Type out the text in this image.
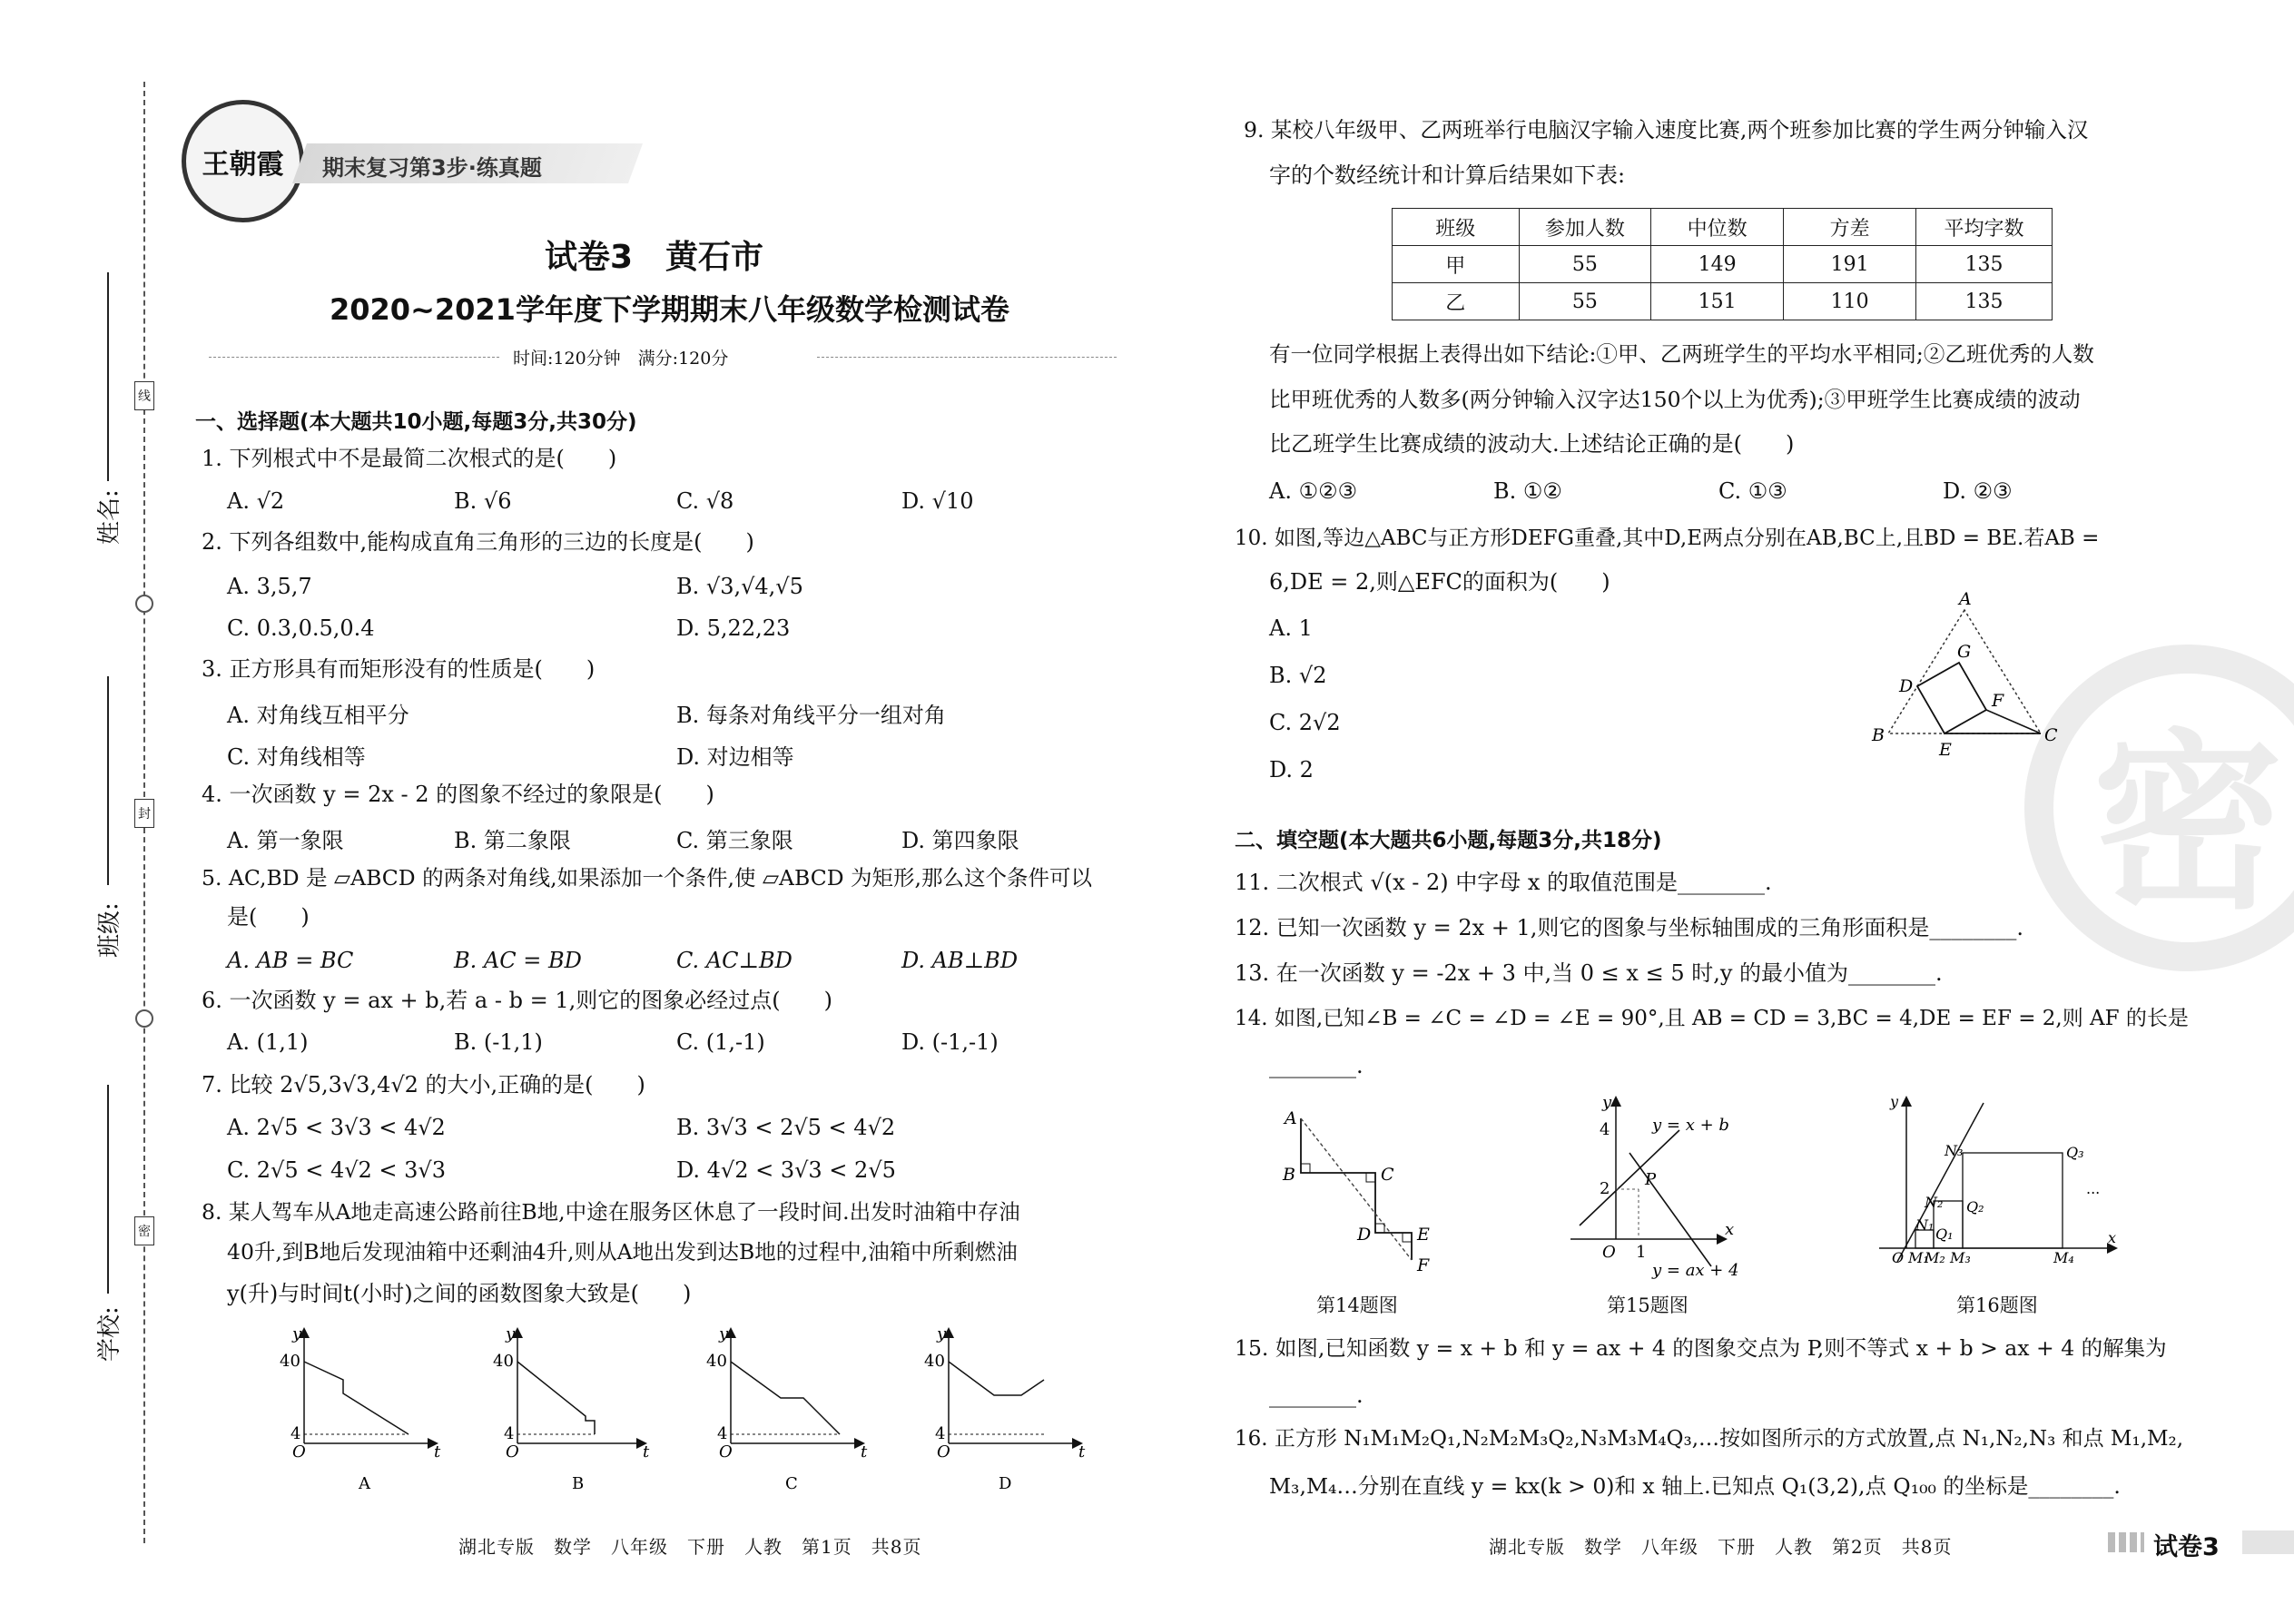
姓名:
班级:
学校:
线
封
密
王朝霞 期末复习第3步·练真题
试卷3　黄石市
2020~2021学年度下学期期末八年级数学检测试卷
时间:120分钟　满分:120分
一、选择题(本大题共10小题,每题3分,共30分)
1. 下列根式中不是最简二次根式的是(　　)
A. √2	B. √6	C. √8	D. √10
2. 下列各组数中,能构成直角三角形的三边的长度是(　　)
A. 3,5,7	B. √3,√4,√5
C. 0.3,0.5,0.4	D. 5,22,23
3. 正方形具有而矩形没有的性质是(　　)
A. 对角线互相平分	B. 每条对角线平分一组对角
C. 对角线相等	D. 对边相等
4. 一次函数 y = 2x - 2 的图象不经过的象限是(　　)
A. 第一象限	B. 第二象限	C. 第三象限	D. 第四象限
5. AC,BD 是 ▱ABCD 的两条对角线,如果添加一个条件,使 ▱ABCD 为矩形,那么这个条件可以
是(　　)
A. AB = BC	B. AC = BD	C. AC⊥BD	D. AB⊥BD
6. 一次函数 y = ax + b,若 a - b = 1,则它的图象必经过点(　　)
A. (1,1)	B. (-1,1)	C. (1,-1)	D. (-1,-1)
7. 比较 2√5,3√3,4√2 的大小,正确的是(　　)
A. 2√5 < 3√3 < 4√2	B. 3√3 < 2√5 < 4√2
C. 2√5 < 4√2 < 3√3	D. 4√2 < 3√3 < 2√5
8. 某人驾车从A地走高速公路前往B地,中途在服务区休息了一段时间.出发时油箱中存油
40升,到B地后发现油箱中还剩油4升,则从A地出发到达B地的过程中,油箱中所剩燃油
y(升)与时间t(小时)之间的函数图象大致是(　　)
y
t
40
4
O
A
y
t
40
4
O
B
y
t
40
4
O
C
y
t
40
4
O
D
湖北专版　数学　八年级　下册　人教　第1页　共8页
密
9. 某校八年级甲、乙两班举行电脑汉字输入速度比赛,两个班参加比赛的学生两分钟输入汉
字的个数经统计和计算后结果如下表:
班级	参加人数	中位数	方差	平均字数
甲	55	149	191	135
乙	55	151	110	135
有一位同学根据上表得出如下结论:①甲、乙两班学生的平均水平相同;②乙班优秀的人数
比甲班优秀的人数多(两分钟输入汉字达150个以上为优秀);③甲班学生比赛成绩的波动
比乙班学生比赛成绩的波动大.上述结论正确的是(　　)
A. ①②③	B. ①②	C. ①③	D. ②③
10. 如图,等边△ABC与正方形DEFG重叠,其中D,E两点分别在AB,BC上,且BD = BE.若AB =
6,DE = 2,则△EFC的面积为(　　)
A. 1
B. √2
C. 2√2
D. 2
A
B	C
D
E
F
G
二、填空题(本大题共6小题,每题3分,共18分)
11. 二次根式 √(x - 2) 中字母 x 的取值范围是________.
12. 已知一次函数 y = 2x + 1,则它的图象与坐标轴围成的三角形面积是________.
13. 在一次函数 y = -2x + 3 中,当 0 ≤ x ≤ 5 时,y 的最小值为________.
14. 如图,已知∠B = ∠C = ∠D = ∠E = 90°,且 AB = CD = 3,BC = 4,DE = EF = 2,则 AF 的长是
________.
A
B	C
D	E
F
第14题图
y
x
O
4
2
1
P
y = x + b
y = ax + 4
第15题图
N₃	Q₃
N₂ Q₂
N₁
Q₁
O M₁
M₂ M₃	M₄
...
y
x
第16题图
15. 如图,已知函数 y = x + b 和 y = ax + 4 的图象交点为 P,则不等式 x + b > ax + 4 的解集为
________.
16. 正方形 N₁M₁M₂Q₁,N₂M₂M₃Q₂,N₃M₃M₄Q₃,…按如图所示的方式放置,点 N₁,N₂,N₃ 和点 M₁,M₂,
M₃,M₄…分别在直线 y = kx(k > 0)和 x 轴上.已知点 Q₁(3,2),点 Q₁₀₀ 的坐标是________.
湖北专版　数学　八年级　下册　人教　第2页　共8页	试卷3
